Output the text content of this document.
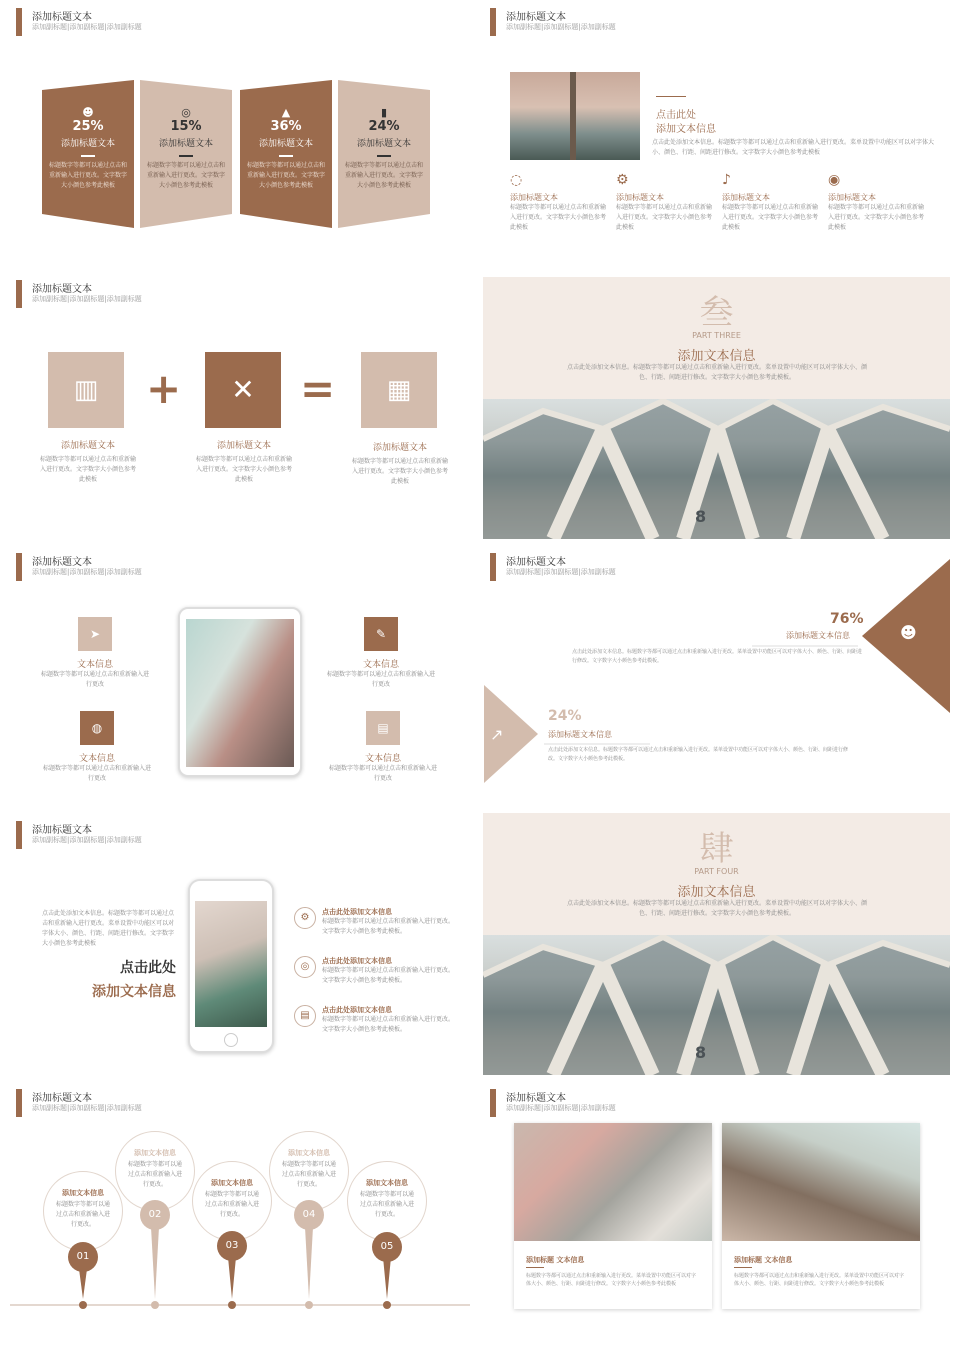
添加标题文本
添加副标题|添加副标题|添加副标题
☻
25%
添加标题文本
标题数字等都可以通过点击和重新输入进行更改。文字数字大小颜色参考此模板
◎
15%
添加标题文本
标题数字等都可以通过点击和重新输入进行更改。文字数字大小颜色参考此模板
▲
36%
添加标题文本
标题数字等都可以通过点击和重新输入进行更改。文字数字大小颜色参考此模板
▮
24%
添加标题文本
标题数字等都可以通过点击和重新输入进行更改。文字数字大小颜色参考此模板
添加标题文本
添加副标题|添加副标题|添加副标题
点击此处
添加文本信息
点击此处添加文本信息。标题数字等都可以通过点击和重新输入进行更改。菜单设置中功能区可以对字体大小、颜色、行距、间距进行修改。文字数字大小颜色参考此模板
◌
添加标题文本
标题数字等都可以通过点击和重新输入进行更改。文字数字大小颜色参考此模板
⚙
添加标题文本
标题数字等都可以通过点击和重新输入进行更改。文字数字大小颜色参考此模板
♪
添加标题文本
标题数字等都可以通过点击和重新输入进行更改。文字数字大小颜色参考此模板
◉
添加标题文本
标题数字等都可以通过点击和重新输入进行更改。文字数字大小颜色参考此模板
添加标题文本
添加副标题|添加副标题|添加副标题
▥	+	✕	=	▦
添加标题文本
标题数字等都可以通过点击和重新输入进行更改。文字数字大小颜色参考此模板
添加标题文本
标题数字等都可以通过点击和重新输入进行更改。文字数字大小颜色参考此模板
添加标题文本
标题数字等都可以通过点击和重新输入进行更改。文字数字大小颜色参考此模板
叁
PART THREE
添加文本信息
点击此处添加文本信息。标题数字等都可以通过点击和重新输入进行更改。菜单设置中功能区可以对字体大小、颜色、行距、间距进行修改。文字数字大小颜色参考此模板。
8
添加标题文本
添加副标题|添加副标题|添加副标题
➤
文本信息
标题数字等都可以通过点击和重新输入进行更改
✎
文本信息
标题数字等都可以通过点击和重新输入进行更改
◍
文本信息
标题数字等都可以通过点击和重新输入进行更改
▤
文本信息
标题数字等都可以通过点击和重新输入进行更改
添加标题文本
添加副标题|添加副标题|添加副标题
☻
↗
76%
添加标题文本信息
点击此处添加文本信息。标题数字等都可以通过点击和重新输入进行更改。菜单设置中功能区可以对字体大小、颜色、行距、间距进行修改。文字数字大小颜色参考此模板。
24%
添加标题文本信息
点击此处添加文本信息。标题数字等都可以通过点击和重新输入进行更改。菜单设置中功能区可以对字体大小、颜色、行距、间距进行修改。文字数字大小颜色参考此模板。
添加标题文本
添加副标题|添加副标题|添加副标题
点击此处添加文本信息。标题数字等都可以通过点击和重新输入进行更改。菜单设置中功能区可以对字体大小、颜色、行距、间距进行修改。文字数字大小颜色参考此模板
点击此处
添加文本信息
⚙	点击此处添加文本信息
标题数字等都可以通过点击和重新输入进行更改。文字数字大小颜色参考此模板。
◎	点击此处添加文本信息
标题数字等都可以通过点击和重新输入进行更改。文字数字大小颜色参考此模板。
▤	点击此处添加文本信息
标题数字等都可以通过点击和重新输入进行更改。文字数字大小颜色参考此模板。
肆
PART FOUR
添加文本信息
点击此处添加文本信息。标题数字等都可以通过点击和重新输入进行更改。菜单设置中功能区可以对字体大小、颜色、行距、间距进行修改。文字数字大小颜色参考此模板。
8
添加标题文本
添加副标题|添加副标题|添加副标题
添加文本信息
标题数字等都可以通过点击和重新输入进行更改。
01
添加文本信息
标题数字等都可以通过点击和重新输入进行更改。
02
添加文本信息
标题数字等都可以通过点击和重新输入进行更改。
03
添加文本信息
标题数字等都可以通过点击和重新输入进行更改。
04
添加文本信息
标题数字等都可以通过点击和重新输入进行更改。
05
添加标题文本
添加副标题|添加副标题|添加副标题
添加标题 文本信息
标题数字等都可以通过点击和重新输入进行更改。菜单设置中功能区可以对字体大小、颜色、行距、间距进行修改。文字数字大小颜色参考此模板
添加标题 文本信息
标题数字等都可以通过点击和重新输入进行更改。菜单设置中功能区可以对字体大小、颜色、行距、间距进行修改。文字数字大小颜色参考此模板
